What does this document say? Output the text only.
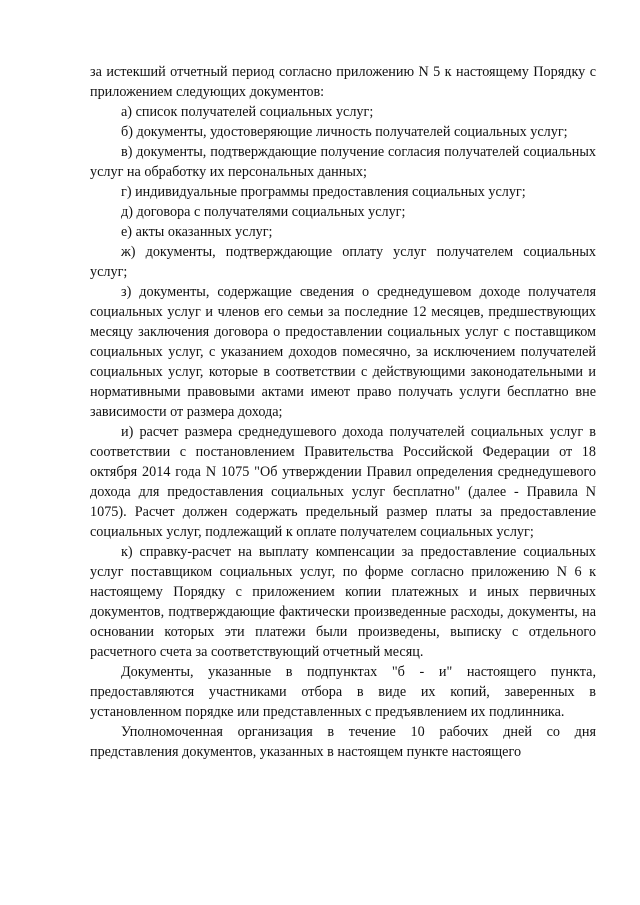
за истекший отчетный период согласно приложению N 5 к настоящему Порядку с приложением следующих документов:

а) список получателей социальных услуг;

б) документы, удостоверяющие личность получателей социальных услуг;

в) документы, подтверждающие получение согласия получателей социальных услуг на обработку их персональных данных;

г) индивидуальные программы предоставления социальных услуг;

д) договора с получателями социальных услуг;

е) акты оказанных услуг;

ж) документы, подтверждающие оплату услуг получателем социальных услуг;

з) документы, содержащие сведения о среднедушевом доходе получателя социальных услуг и членов его семьи за последние 12 месяцев, предшествующих месяцу заключения договора о предоставлении социальных услуг с поставщиком социальных услуг, с указанием доходов помесячно, за исключением получателей социальных услуг, которые в соответствии с действующими законодательными и нормативными правовыми актами имеют право получать услуги бесплатно вне зависимости от размера дохода;

и) расчет размера среднедушевого дохода получателей социальных услуг в соответствии с постановлением Правительства Российской Федерации от 18 октября 2014 года N 1075 "Об утверждении Правил определения среднедушевого дохода для предоставления социальных услуг бесплатно" (далее - Правила N 1075). Расчет должен содержать предельный размер платы за предоставление социальных услуг, подлежащий к оплате получателем социальных услуг;

к) справку-расчет на выплату компенсации за предоставление социальных услуг поставщиком социальных услуг, по форме согласно приложению N 6 к настоящему Порядку с приложением копии платежных и иных первичных документов, подтверждающие фактически произведенные расходы, документы, на основании которых эти платежи были произведены, выписку с отдельного расчетного счета за соответствующий отчетный месяц.

Документы, указанные в подпунктах "б - и" настоящего пункта, предоставляются участниками отбора в виде их копий, заверенных в установленном порядке или представленных с предъявлением их подлинника.

Уполномоченная организация в течение 10 рабочих дней со дня представления документов, указанных в настоящем пункте настоящего
